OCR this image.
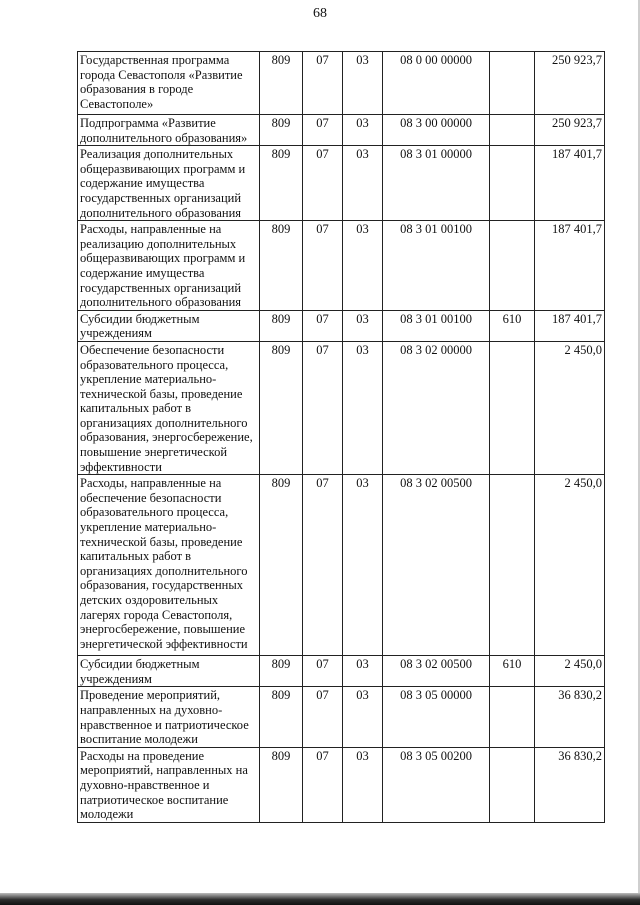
68
Государственная программа города Севастополя «Развитие образования в городе Севастополе»	809	07	03	08 0 00 00000		250 923,7
Подпрограмма «Развитие дополнительного образования»	809	07	03	08 3 00 00000		250 923,7
Реализация дополнительных общеразвивающих программ и содержание имущества государственных организаций дополнительного образования	809	07	03	08 3 01 00000		187 401,7
Расходы, направленные на реализацию дополнительных общеразвивающих программ и содержание имущества государственных организаций дополнительного образования	809	07	03	08 3 01 00100		187 401,7
Субсидии бюджетным учреждениям	809	07	03	08 3 01 00100	610	187 401,7
Обеспечение безопасности образовательного процесса, укрепление материально-технической базы, проведение капитальных работ в организациях дополнительного образования, энергосбережение, повышение энергетической эффективности	809	07	03	08 3 02 00000		2 450,0
Расходы, направленные на обеспечение безопасности образовательного процесса, укрепление материально-технической базы, проведение капитальных работ в организациях дополнительного образования, государственных детских оздоровительных лагерях города Севастополя, энергосбережение, повышение энергетической эффективности	809	07	03	08 3 02 00500		2 450,0
Субсидии бюджетным учреждениям	809	07	03	08 3 02 00500	610	2 450,0
Проведение мероприятий, направленных на духовно-нравственное и патриотическое воспитание молодежи	809	07	03	08 3 05 00000		36 830,2
Расходы на проведение мероприятий, направленных на духовно-нравственное и патриотическое воспитание молодежи	809	07	03	08 3 05 00200		36 830,2
